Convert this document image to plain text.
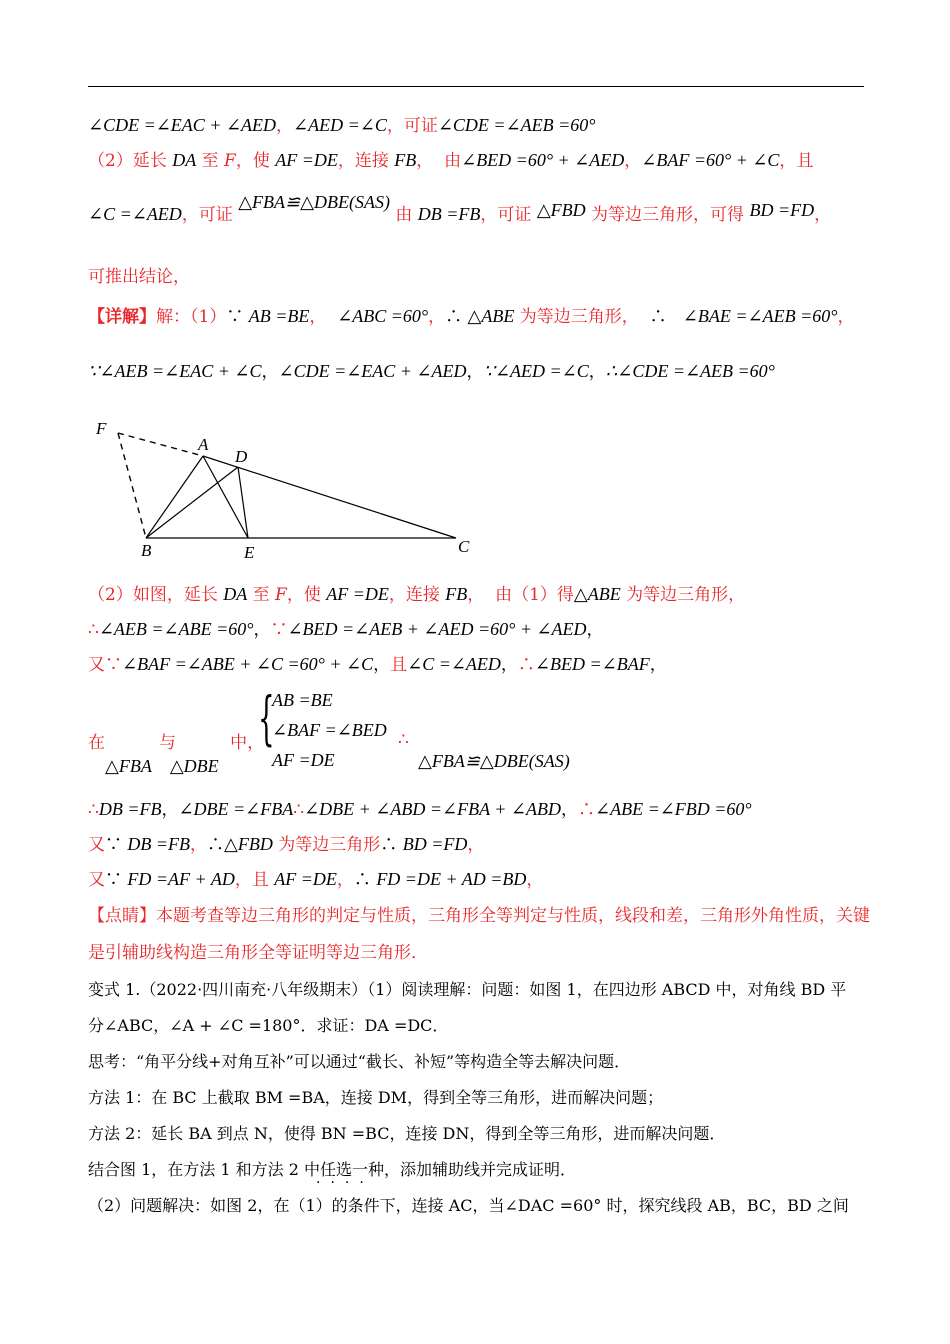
∠CDE =∠EAC + ∠AED，∠AED =∠C，可证∠CDE =∠AEB =60°
（2）延长 DA 至 F，使 AF =DE，连接 FB，  由∠BED =60° + ∠AED，∠BAF =60° + ∠C，且
∠C =∠AED，可证 △FBA≌△DBE(SAS) 由 DB =FB，可证 △FBD 为等边三角形，可得 BD =FD，
可推出结论，
【详解】解：（1）∵ AB =BE，  ∠ABC =60°，∴ △ABE 为等边三角形，  ∴ ∠BAE =∠AEB =60°，
∵∠AEB =∠EAC + ∠C，∠CDE =∠EAC + ∠AED，∵∠AED =∠C，∴∠CDE =∠AEB =60°
F
A
D
B	E	C
（2）如图，延长 DA 至 F，使 AF =DE，连接 FB，  由（1）得△ABE 为等边三角形，
∴∠AEB =∠ABE =60°，∵∠BED =∠AEB + ∠AED =60° + ∠AED，
又∵∠BAF =∠ABE + ∠C =60° + ∠C，且∠C =∠AED，∴∠BED =∠BAF，
在          与          中，
△FBA    △DBE
{
AB =BE
∠BAF =∠BED
AF =DE
∴
△FBA≌△DBE(SAS)
∴DB =FB，∠DBE =∠FBA∴∠DBE + ∠ABD =∠FBA + ∠ABD，∴∠ABE =∠FBD =60°
又∵ DB =FB，∴△FBD 为等边三角形∴ BD =FD，
又∵ FD =AF + AD，且 AF =DE，∴ FD =DE + AD =BD，
【点睛】本题考查等边三角形的判定与性质，三角形全等判定与性质，线段和差，三角形外角性质，关键
是引辅助线构造三角形全等证明等边三角形．
变式 1.（2022·四川南充·八年级期末）（1）阅读理解：问题：如图 1，在四边形 ABCD 中，对角线 BD 平
分∠ABC，∠A + ∠C =180°．求证：DA =DC．
思考：“角平分线+对角互补”可以通过“截长、补短”等构造全等去解决问题．
方法 1：在 BC 上截取 BM =BA，连接 DM，得到全等三角形，进而解决问题；
方法 2：延长 BA 到点 N，使得 BN =BC，连接 DN，得到全等三角形，进而解决问题．
结合图 1，在方法 1 和方法 2 中任选一种，添加辅助线并完成证明．
····
（2）问题解决：如图 2，在（1）的条件下，连接 AC，当∠DAC =60° 时，探究线段 AB，BC，BD 之间
